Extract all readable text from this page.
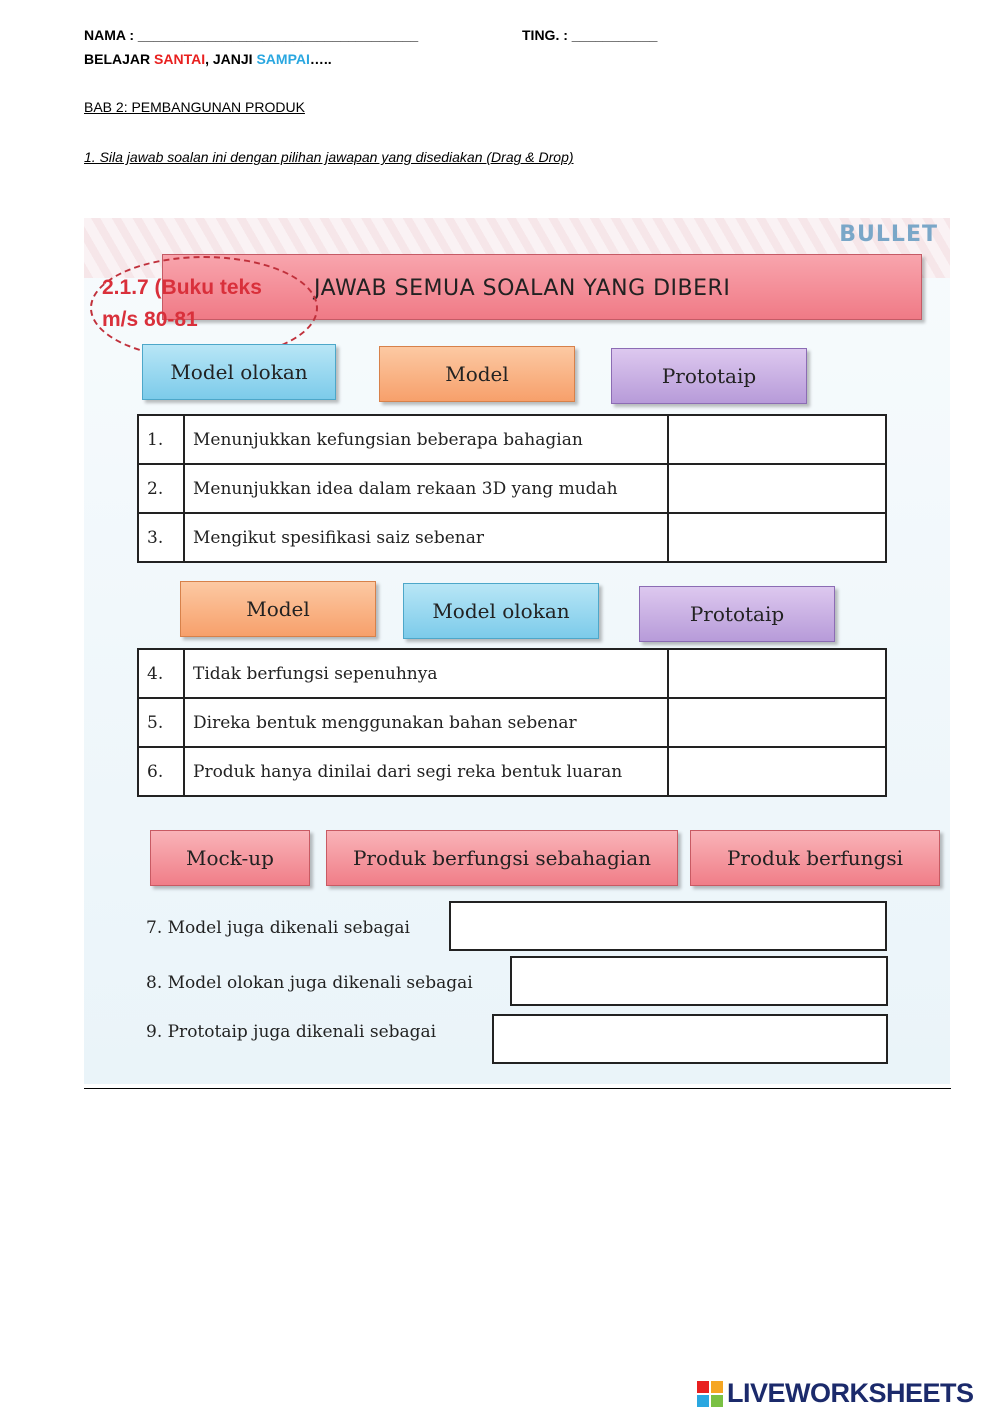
NAMA : ____________________________________	TING. : ___________
BELAJAR SANTAI, JANJI SAMPAI…..
BAB 2: PEMBANGUNAN PRODUK
1. Sila jawab soalan ini dengan pilihan jawapan yang disediakan (Drag & Drop)
BULLET
JAWAB SEMUA SOALAN YANG DIBERI
2.1.7 (Buku teks
m/s 80-81
Model olokan	Model	Prototaip
1.	Menunjukkan kefungsian beberapa bahagian	
2.	Menunjukkan idea dalam rekaan 3D yang mudah	
3.	Mengikut spesifikasi saiz sebenar	
Model	Model olokan	Prototaip
4.	Tidak berfungsi sepenuhnya	
5.	Direka bentuk menggunakan bahan sebenar	
6.	Produk hanya dinilai dari segi reka bentuk luaran	
Mock-up	Produk berfungsi sebahagian	Produk berfungsi
7. Model juga dikenali sebagai
8. Model olokan juga dikenali sebagai
9. Prototaip juga dikenali sebagai
LIVEWORKSHEETS
